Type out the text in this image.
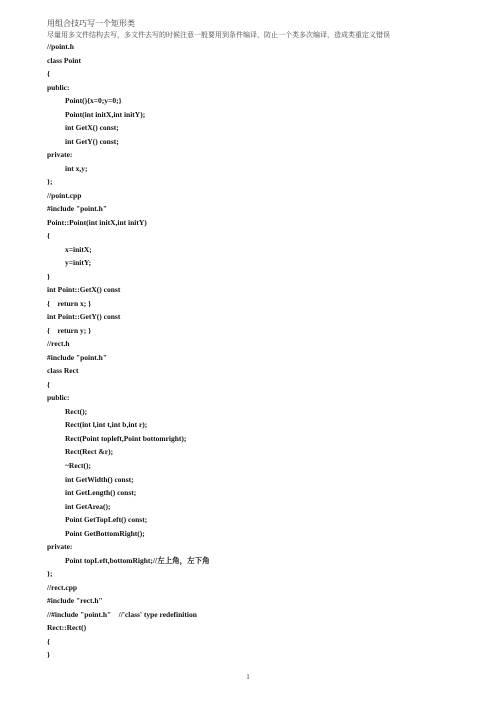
用组合技巧写一个矩形类
尽量用多文件结构去写，多文件去写的时候注意一般要用到条件编译，防止一个类多次编译，造成类重定义错误
//point.h
class Point
{
public:
Point(){x=0;y=0;}
Point(int initX,int initY);
int GetX() const;
int GetY() const;
private:
int x,y;
};
//point.cpp
#include "point.h"
Point::Point(int initX,int initY)
{
x=initX;
y=initY;
}
int Point::GetX() const
{    return x; }
int Point::GetY() const
{    return y; }
//rect.h
#include "point.h"
class Rect
{
public:
Rect();
Rect(int l,int t,int b,int r);
Rect(Point topleft,Point bottomright);
Rect(Rect &r);
~Rect();
int GetWidth() const;
int GetLength() const;
int GetArea();
Point GetTopLeft() const;
Point GetBottomRight();
private:
Point topLeft,bottomRight;//左上角，左下角
};
//rect.cpp
#include "rect.h"
//#include "point.h"    //'class' type redefinition
Rect::Rect()
{
}
1
